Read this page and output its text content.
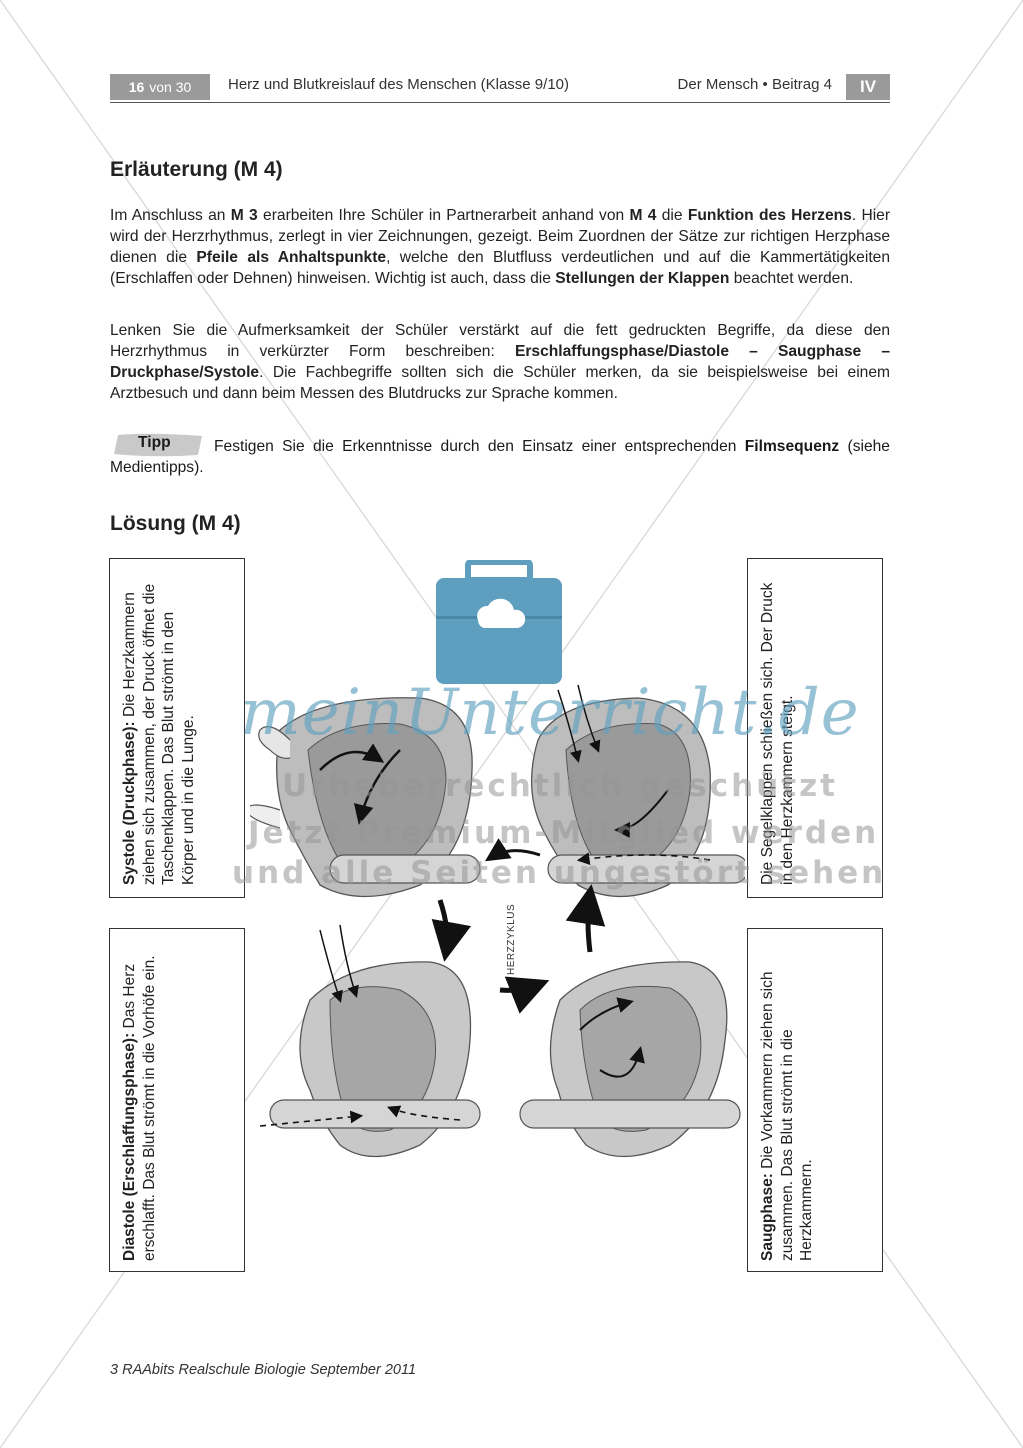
16 von 30 Herz und Blutkreislauf des Menschen (Klasse 9/10)	Der Mensch • Beitrag 4	IV
Erläuterung (M 4)
Im Anschluss an M 3 erarbeiten Ihre Schüler in Partnerarbeit anhand von M 4 die Funktion des Herzens. Hier wird der Herzrhythmus, zerlegt in vier Zeichnungen, gezeigt. Beim Zuordnen der Sätze zur richtigen Herzphase dienen die Pfeile als Anhaltspunkte, welche den Blutfluss verdeutlichen und auf die Kammertätigkeiten (Erschlaffen oder Dehnen) hinweisen. Wichtig ist auch, dass die Stellungen der Klappen beachtet werden.
Lenken Sie die Aufmerksamkeit der Schüler verstärkt auf die fett gedruckten Begriffe, da diese den Herzrhythmus in verkürzter Form beschreiben: Erschlaffungsphase/Diastole – Saugphase – Druckphase/Systole. Die Fachbegriffe sollten sich die Schüler merken, da sie beispielsweise bei einem Arztbesuch und dann beim Messen des Blutdrucks zur Sprache kommen.
Festigen Sie die Erkenntnisse durch den Einsatz einer entsprechenden Filmsequenz (siehe Medientipps).
Tipp
Lösung (M 4)
Systole (Druckphase): Die Herzkammern ziehen sich zusammen, der Druck öffnet die Taschenklappen. Das Blut strömt in den Körper und in die Lunge.
Diastole (Erschlaffungsphase): Das Herz erschlafft. Das Blut strömt in die Vorhöfe ein.
Die Segelklappen schließen sich. Der Druck in den Herzkammern steigt.
Saugphase: Die Vorkammern ziehen sich zusammen. Das Blut strömt in die Herzkammern.
HERZZYKLUS
meinUnterricht.de
Urheberrechtlich geschützt
Jetzt Premium-Mitglied werden
und alle Seiten ungestört sehen
3 RAAbits Realschule Biologie September 2011
